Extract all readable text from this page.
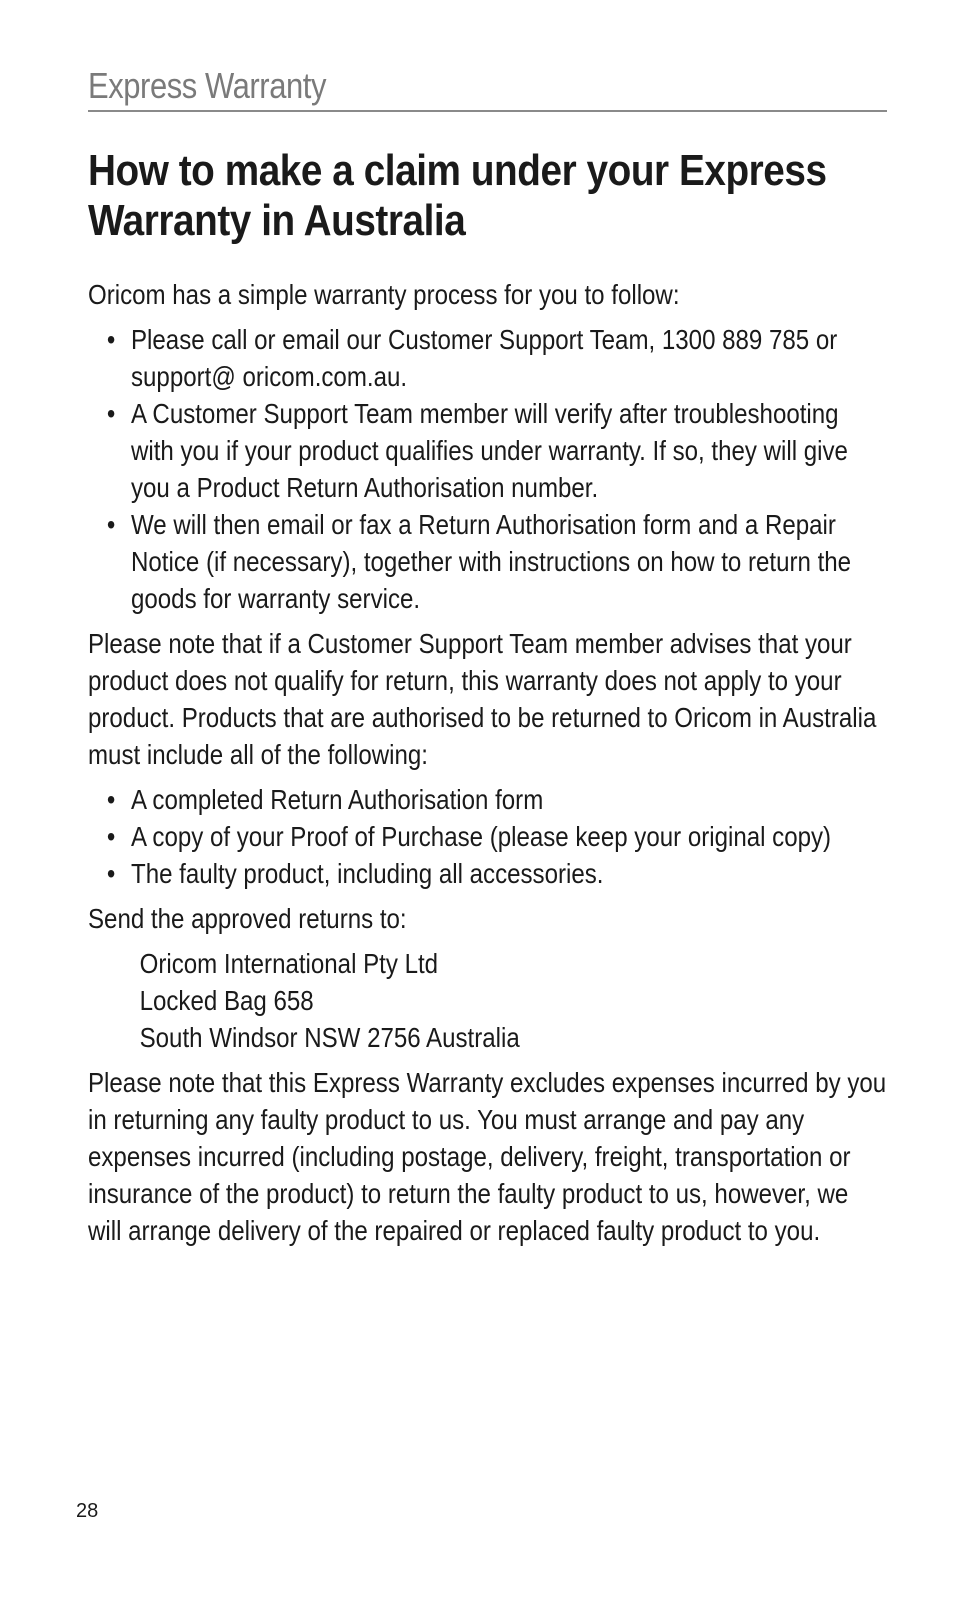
Express Warranty
How to make a claim under your Express Warranty in Australia
Oricom has a simple warranty process for you to follow:
• Please call or email our Customer Support Team, 1300 889 785 or support@ oricom.com.au.
• A Customer Support Team member will verify after troubleshooting with you if your product qualifies under warranty. If so, they will give you a Product Return Authorisation number.
• We will then email or fax a Return Authorisation form and a Repair Notice (if necessary), together with instructions on how to return the goods for warranty service.
Please note that if a Customer Support Team member advises that your product does not qualify for return, this warranty does not apply to your product. Products that are authorised to be returned to Oricom in Australia must include all of the following:
• A completed Return Authorisation form
• A copy of your Proof of Purchase (please keep your original copy)
• The faulty product, including all accessories.
Send the approved returns to:
Oricom International Pty Ltd
Locked Bag 658
South Windsor NSW 2756 Australia
Please note that this Express Warranty excludes expenses incurred by you in returning any faulty product to us. You must arrange and pay any expenses incurred (including postage, delivery, freight, transportation or insurance of the product) to return the faulty product to us, however, we will arrange delivery of the repaired or replaced faulty product to you.
28
